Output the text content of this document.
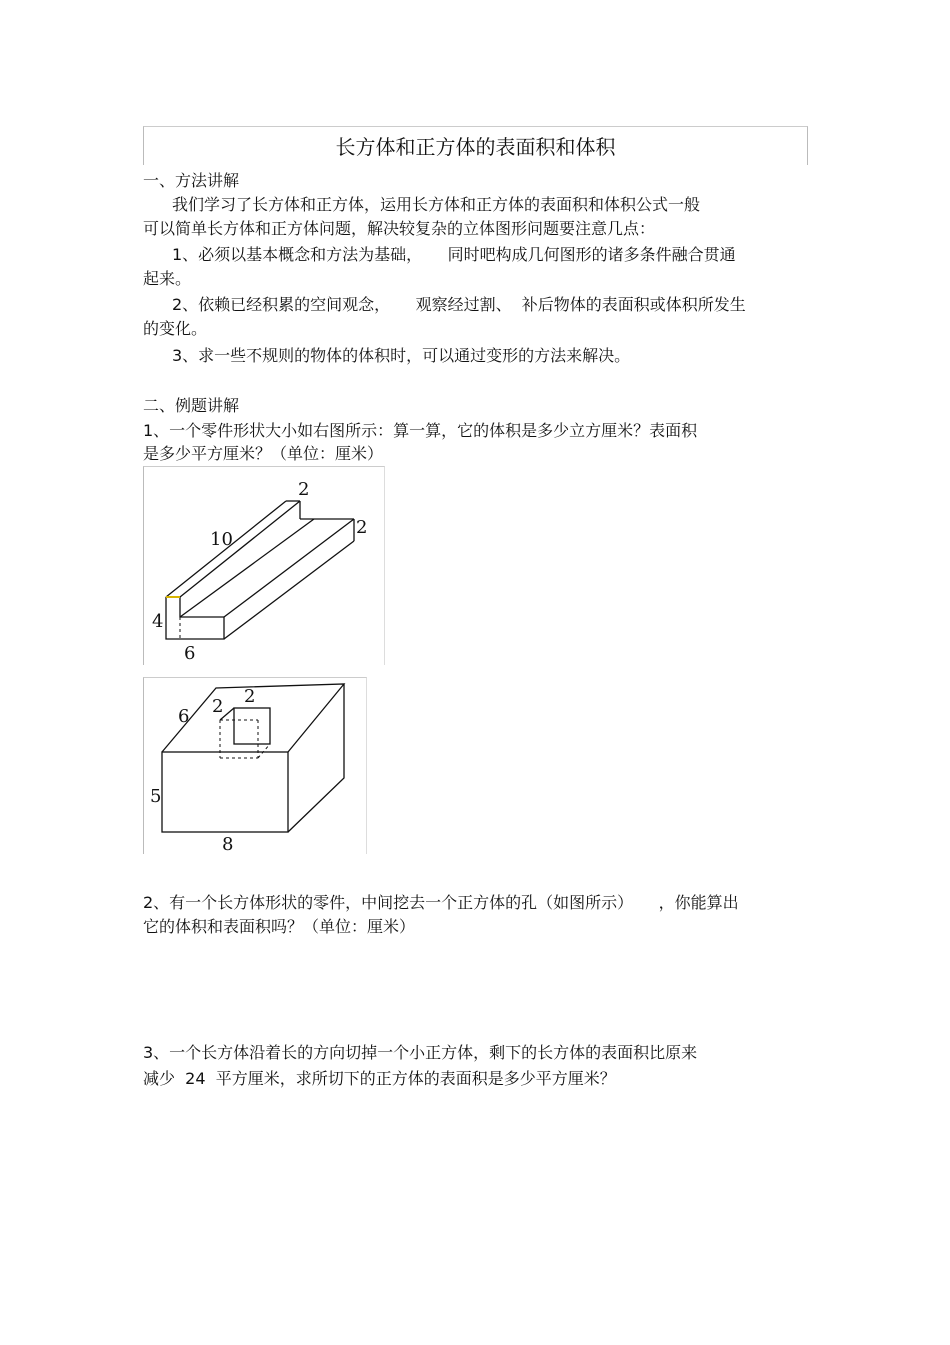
长方体和正方体的表面积和体积
一、方法讲解
我们学习了长方体和正方体，运用长方体和正方体的表面积和体积公式一般
可以简单长方体和正方体问题，解决较复杂的立体图形问题要注意几点：
1、必须以基本概念和方法为基础，     同时吧构成几何图形的诸多条件融合贯通
起来。
2、依赖已经积累的空间观念，     观察经过割、  补后物体的表面积或体积所发生
的变化。
3、求一些不规则的物体的体积时，可以通过变形的方法来解决。
二、例题讲解
1、一个零件形状大小如右图所示：算一算，它的体积是多少立方厘米？表面积
是多少平方厘米？（单位：厘米）
2
10
2
4
6
2
2
6
5
8
2、有一个长方体形状的零件，中间挖去一个正方体的孔（如图所示）     ，你能算出
它的体积和表面积吗？（单位：厘米）
3、一个长方体沿着长的方向切掉一个小正方体，剩下的长方体的表面积比原来
减少  24  平方厘米，求所切下的正方体的表面积是多少平方厘米？
